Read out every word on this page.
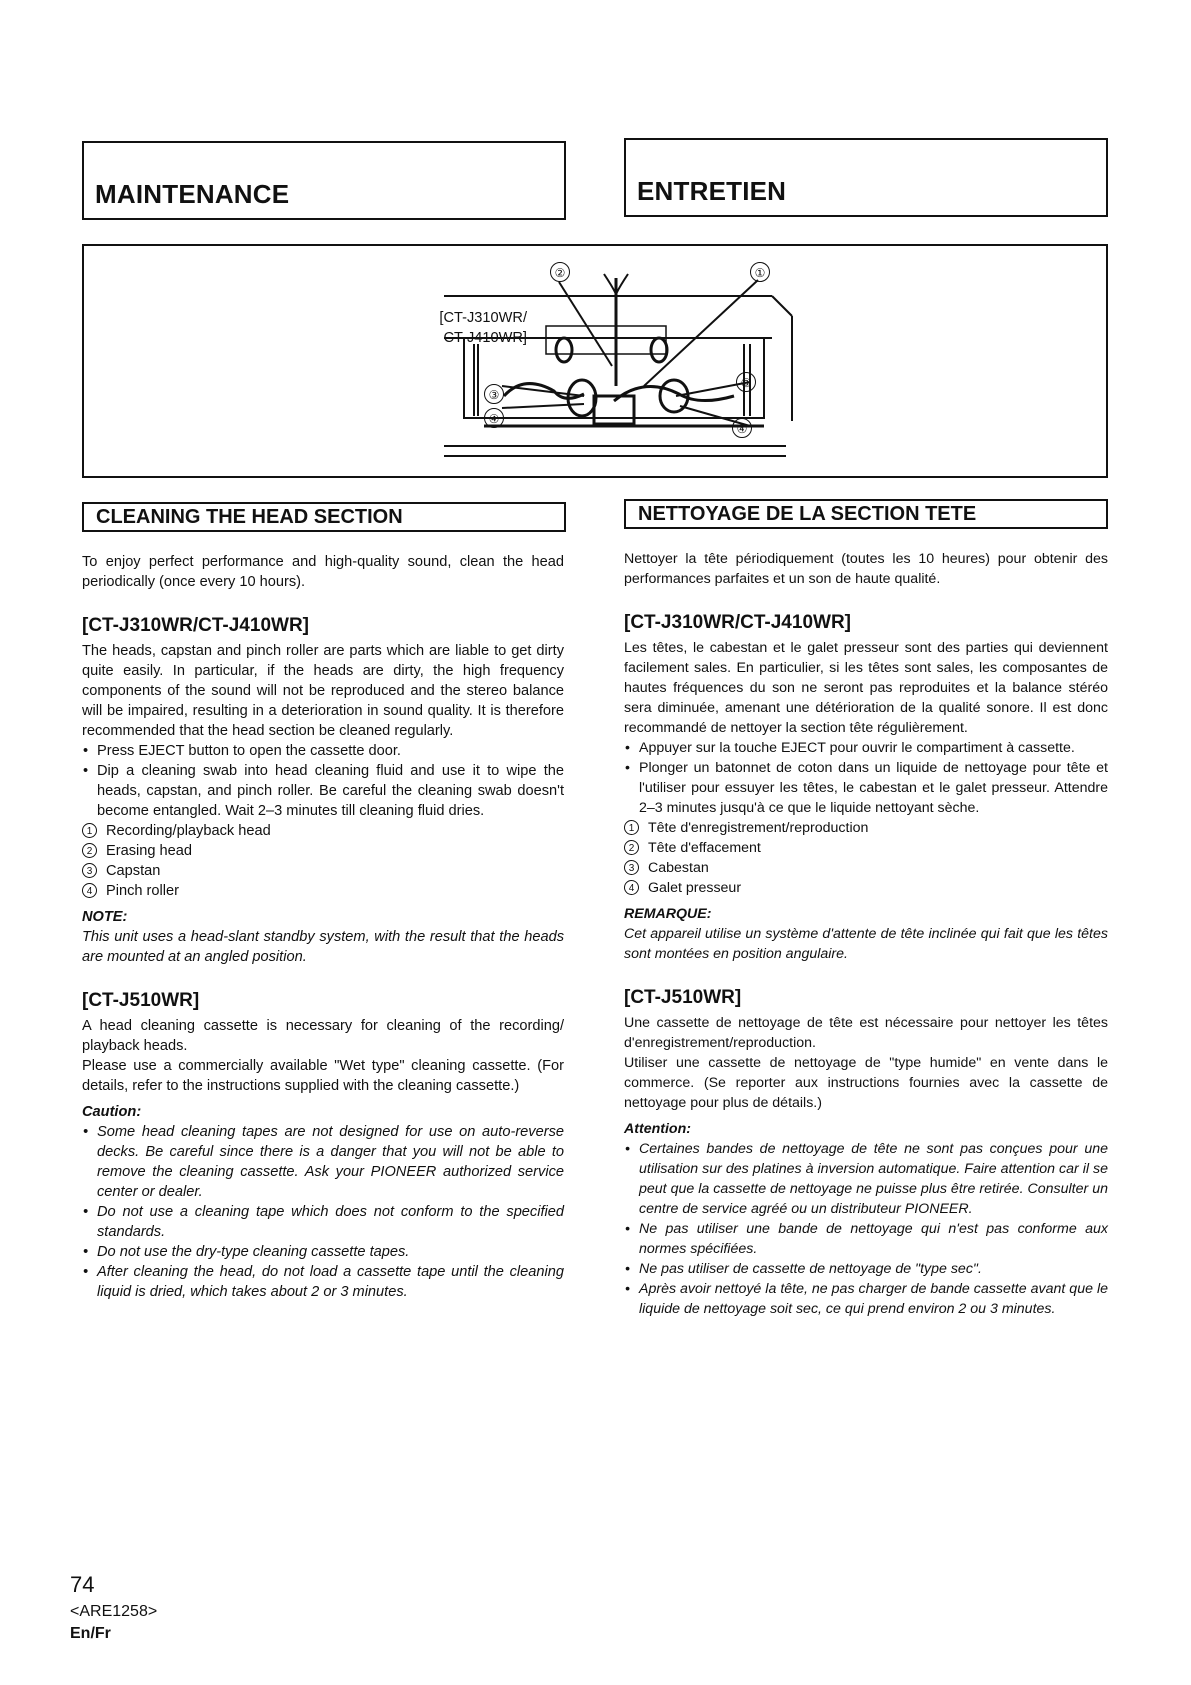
MAINTENANCE	ENTRETIEN
[CT-J310WR/
CT-J410WR]
②	①
③
④
③
④
CLEANING THE HEAD SECTION	NETTOYAGE DE LA SECTION TETE

To enjoy perfect performance and high-quality sound, clean the head periodically (once every 10 hours).

[CT-J310WR/CT-J410WR]

The heads, capstan and pinch roller are parts which are liable to get dirty quite easily. In particular, if the heads are dirty, the high frequency components of the sound will not be reproduced and the stereo balance will be impaired, resulting in a deterioration in sound quality. It is therefore recommended that the head section be cleaned regularly.

• Press EJECT button to open the cassette door.
• Dip a cleaning swab into head cleaning fluid and use it to wipe the heads, capstan, and pinch roller. Be careful the cleaning swab doesn't become entangled. Wait 2–3 minutes till cleaning fluid dries.
1 Recording/playback head
2 Erasing head
3 Capstan
4 Pinch roller

NOTE:

This unit uses a head-slant standby system, with the result that the heads are mounted at an angled position.

[CT-J510WR]

A head cleaning cassette is necessary for cleaning of the recording/ playback heads.

Please use a commercially available "Wet type" cleaning cassette. (For details, refer to the instructions supplied with the cleaning cassette.)

Caution:

• Some head cleaning tapes are not designed for use on auto-reverse decks. Be careful since there is a danger that you will not be able to remove the cleaning cassette. Ask your PIONEER authorized service center or dealer.
• Do not use a cleaning tape which does not conform to the specified standards.
• Do not use the dry-type cleaning cassette tapes.
• After cleaning the head, do not load a cassette tape until the cleaning liquid is dried, which takes about 2 or 3 minutes.

Nettoyer la tête périodiquement (toutes les 10 heures) pour obtenir des performances parfaites et un son de haute qualité.

[CT-J310WR/CT-J410WR]

Les têtes, le cabestan et le galet presseur sont des parties qui deviennent facilement sales. En particulier, si les têtes sont sales, les composantes de hautes fréquences du son ne seront pas reproduites et la balance stéréo sera diminuée, amenant une détérioration de la qualité sonore. Il est donc recommandé de nettoyer la section tête régulièrement.

• Appuyer sur la touche EJECT pour ouvrir le compartiment à cassette.
• Plonger un batonnet de coton dans un liquide de nettoyage pour tête et l'utiliser pour essuyer les têtes, le cabestan et le galet presseur. Attendre 2–3 minutes jusqu'à ce que le liquide nettoyant sèche.
1 Tête d'enregistrement/reproduction
2 Tête d'effacement
3 Cabestan
4 Galet presseur

REMARQUE:

Cet appareil utilise un système d'attente de tête inclinée qui fait que les têtes sont montées en position angulaire.

[CT-J510WR]

Une cassette de nettoyage de tête est nécessaire pour nettoyer les têtes d'enregistrement/reproduction.

Utiliser une cassette de nettoyage de "type humide" en vente dans le commerce. (Se reporter aux instructions fournies avec la cassette de nettoyage pour plus de détails.)

Attention:

• Certaines bandes de nettoyage de tête ne sont pas conçues pour une utilisation sur des platines à inversion automatique. Faire attention car il se peut que la cassette de nettoyage ne puisse plus être retirée. Consulter un centre de service agréé ou un distributeur PIONEER.
• Ne pas utiliser une bande de nettoyage qui n'est pas conforme aux normes spécifiées.
• Ne pas utiliser de cassette de nettoyage de "type sec".
• Après avoir nettoyé la tête, ne pas charger de bande cassette avant que le liquide de nettoyage soit sec, ce qui prend environ 2 ou 3 minutes.
74
<ARE1258>
En/Fr
